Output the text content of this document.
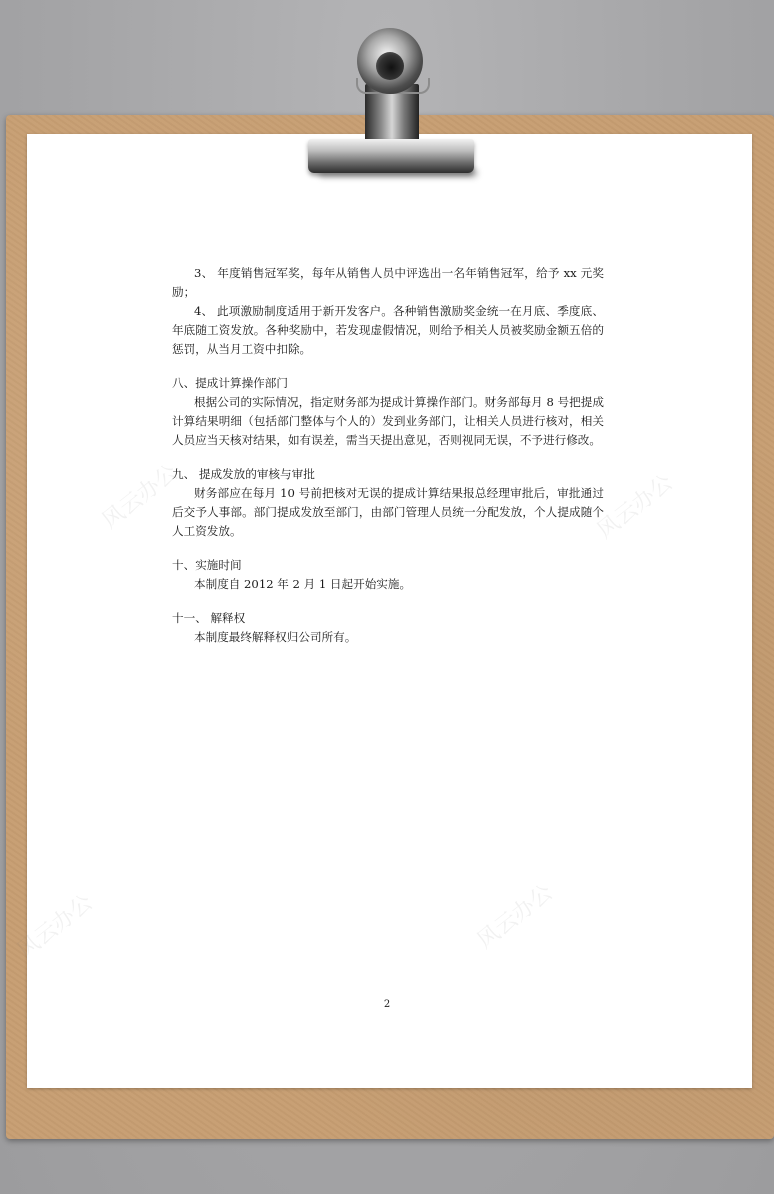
风云办公	风云办公
风云办公	风云办公

3、 年度销售冠军奖，每年从销售人员中评选出一名年销售冠军，给予 xx 元奖励；

4、 此项激励制度适用于新开发客户。各种销售激励奖金统一在月底、季度底、年底随工资发放。各种奖励中，若发现虚假情况，则给予相关人员被奖励金额五倍的惩罚，从当月工资中扣除。

八、提成计算操作部门

根据公司的实际情况，指定财务部为提成计算操作部门。财务部每月 8 号把提成计算结果明细（包括部门整体与个人的）发到业务部门，让相关人员进行核对，相关人员应当天核对结果，如有误差，需当天提出意见，否则视同无误，不予进行修改。

九、 提成发放的审核与审批

财务部应在每月 10 号前把核对无误的提成计算结果报总经理审批后，审批通过后交予人事部。部门提成发放至部门，由部门管理人员统一分配发放，个人提成随个人工资发放。

十、实施时间

本制度自 2012 年 2 月 1 日起开始实施。

十一、 解释权

本制度最终解释权归公司所有。

2
